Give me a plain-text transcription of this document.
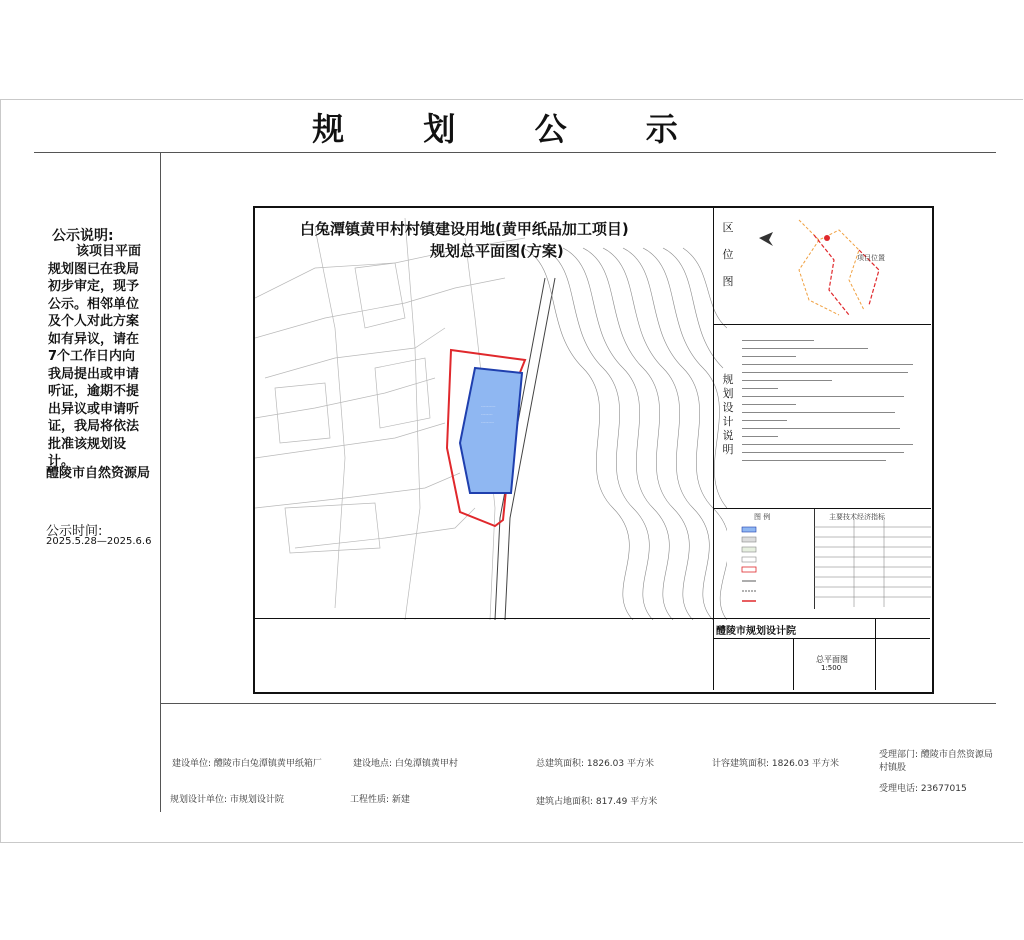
规 划 公 示
公示说明:
该项目平面规划图已在我局初步审定，现予公示。相邻单位及个人对此方案如有异议，请在7个工作日内向我局提出或申请听证，逾期不提出异议或申请听证，我局将依法批准该规划设计。
醴陵市自然资源局
公示时间:
2025.5.28—2025.6.6
----------
--------
---------
白兔潭镇黄甲村村镇建设用地(黄甲纸品加工项目)
规划总平面图(方案)
区 位 图
项目位置
规 划 设 计 说 明
图 例	主要技术经济指标
醴陵市规划设计院
总平面图
1:500
建设单位: 醴陵市白兔潭镇黄甲纸箱厂	建设地点: 白兔潭镇黄甲村	总建筑面积: 1826.03 平方米	计容建筑面积: 1826.03 平方米
受理部门: 醴陵市自然资源局村镇股
规划设计单位: 市规划设计院	工程性质: 新建	建筑占地面积: 817.49 平方米
受理电话: 23677015
